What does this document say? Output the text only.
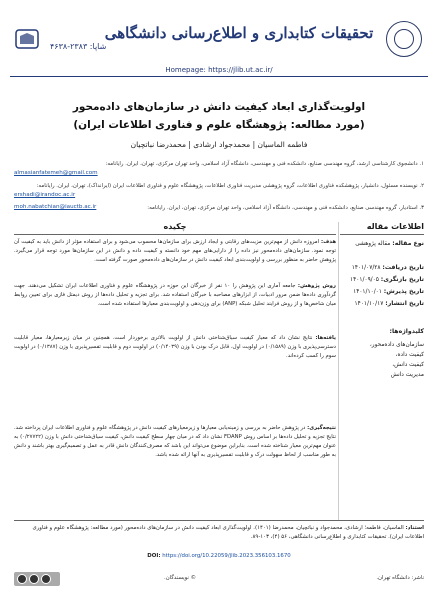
شاپا: ۲۳۸۳-۴۶۳۸
تحقیقات کتابداری و اطلاع‌رسانی دانشگاهی
Homepage: https://jlib.ut.ac.ir/
اولویت‌گذاری ابعاد کیفیت دانش در سازمان‌های داده‌محور
(مورد مطالعه: پژوهشگاه علوم و فناوری اطلاعات ایران)
فاطمه الماسیان | محمدجواد ارشادی | محمدرضا نباتچیان
۱. دانشجوی کارشناسی ارشد، گروه مهندسی صنایع، دانشکده فنی و مهندسی، دانشگاه آزاد اسلامی، واحد تهران مرکزی، تهران، ایران. رایانامه:
almasianfatemeh@gmail.com
۲. نویسنده مسئول، دانشیار، پژوهشکده فناوری اطلاعات، گروه پژوهشی مدیریت فناوری اطلاعات، پژوهشگاه علوم و فناوری اطلاعات ایران (ایرانداک)، تهران، ایران. رایانامه:
ershadi@irandoc.ac.ir
۳. استادیار، گروه مهندسی صنایع، دانشکده فنی و مهندسی، دانشگاه آزاد اسلامی، واحد تهران مرکزی، تهران، ایران. رایانامه:
moh.nabatchian@iauctb.ac.ir
چکیده	اطلاعات مقاله
نوع مقاله: مقاله پژوهشی
تاریخ دریافت: ۱۴۰۱/۰۷/۲۸
تاریخ بازنگری: ۱۴۰۱/۰۹/۰۵
تاریخ پذیرش: ۱۴۰۱/۱۰/۰۱
تاریخ انتشار: ۱۴۰۱/۱۰/۱۷
کلیدواژه‌ها:
سازمان‌های داده‌محور،
کیفیت داده،
کیفیت دانش،
مدیریت دانش
هدف: امروزه دانش از مهم‌ترین مزیت‌های رقابتی و ایجاد ارزش برای سازمان‌ها محسوب می‌شود و برای استفاده مؤثر از دانش باید به کیفیت آن توجه نمود. سازمان‌های داده‌محور نیز داده را از دارایی‌های مهم خود دانسته و کیفیت داده و دانش در این سازمان‌ها مورد توجه قرار می‌گیرد. پژوهش حاضر به منظور بررسی و اولویت‌بندی ابعاد کیفیت دانش در سازمان‌های داده‌محور صورت گرفته است.
روش پژوهش: جامعه آماری این پژوهش را ۱۰ نفر از خبرگان این حوزه در پژوهشگاه علوم و فناوری اطلاعات ایران تشکیل می‌دهند. جهت گردآوری داده‌ها ضمن مرور ادبیات، از ابزارهای مصاحبه با خبرگان استفاده شد. برای تجزیه و تحلیل داده‌ها از روش دیمتل فازی برای تعیین روابط میان شاخص‌ها و از روش فرایند تحلیل شبکه (ANP) برای وزن‌دهی و اولویت‌بندی معیارها استفاده شده است.
یافته‌ها: نتایج نشان داد که معیار کیفیت سیاق‌شناختی دانش از اولویت بالاتری برخوردار است. همچنین در میان زیرمعیارها، معیار قابلیت دسترسی‌پذیری با وزن (۰/۱۵۸۹) در اولویت اول، قابل درک بودن با وزن (۰/۱۴۰۳۹) در اولویت دوم و قابلیت تفسیرپذیری با وزن (۰/۱۳۸۷) در اولویت سوم را کسب کرده‌اند.
نتیجه‌گیری: در پژوهش حاضر به بررسی و زمینه‌یابی معیارها و زیرمعیارهای کیفیت دانش در پژوهشگاه علوم و فناوری اطلاعات ایران پرداخته شد. نتایج تجزیه و تحلیل داده‌ها بر اساس روش FDANP نشان داد که در میان چهار سطح کیفیت دانش، کیفیت سیاق‌شناختی دانش با وزن (۰/۲۷۷۲۲) به عنوان مهم‌ترین معیار شناخته شده است. بنابراین موضوع می‌تواند این باشد که مصرف‌کنندگان دانش قادر به عمل و تصمیم‌گیری بهتر باشند و دانش به طور مناسب از لحاظ سهولت درک و قابلیت تفسیرپذیری به آنها ارائه شده باشد.
استناد: الماسیان، فاطمه؛ ارشادی، محمدجواد و نباتچیان، محمدرضا (۱۴۰۱). اولویت‌گذاری ابعاد کیفیت دانش در سازمان‌های داده‌محور (مورد مطالعه: پژوهشگاه علوم و فناوری اطلاعات ایران). تحقیقات کتابداری و اطلاع‌رسانی دانشگاهی، ۵۶ (۴)، ۱۰۳-۸۹.
DOI: https://doi.org/10.22059/jlib.2023.356103.1670
© نویسندگان.	ناشر: دانشگاه تهران.
